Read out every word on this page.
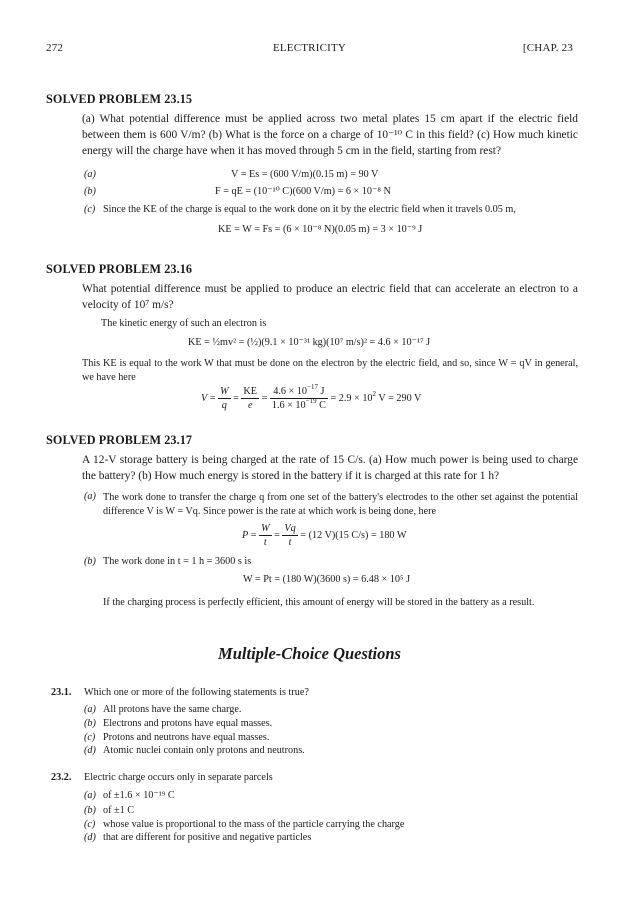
272	ELECTRICITY	[CHAP. 23
SOLVED PROBLEM 23.15
(a) What potential difference must be applied across two metal plates 15 cm apart if the electric field between them is 600 V/m? (b) What is the force on a charge of 10⁻¹⁰ C in this field? (c) How much kinetic energy will the charge have when it has moved through 5 cm in the field, starting from rest?
(a)	V = Es = (600 V/m)(0.15 m) = 90 V
(b)	F = qE = (10⁻¹⁰ C)(600 V/m) = 6 × 10⁻⁸ N
(c) Since the KE of the charge is equal to the work done on it by the electric field when it travels 0.05 m,
KE = W = Fs = (6 × 10⁻⁸ N)(0.05 m) = 3 × 10⁻⁹ J
SOLVED PROBLEM 23.16
What potential difference must be applied to produce an electric field that can accelerate an electron to a velocity of 10⁷ m/s?
The kinetic energy of such an electron is
KE = ½mv² = (½)(9.1 × 10⁻³¹ kg)(10⁷ m/s)² = 4.6 × 10⁻¹⁷ J
This KE is equal to the work W that must be done on the electron by the electric field, and so, since W = qV in general, we have here
$V = \frac{W}{q} = \frac{KE}{e} = \frac{4.6 \times 10^{-17} J}{1.6 \times 10^{-19} C} = 2.9 \times 10^2$ V = 290 V
SOLVED PROBLEM 23.17
A 12-V storage battery is being charged at the rate of 15 C/s. (a) How much power is being used to charge the battery? (b) How much energy is stored in the battery if it is charged at this rate for 1 h?
(a) The work done to transfer the charge q from one set of the battery's electrodes to the other set against the potential difference V is W = Vq. Since power is the rate at which work is being done, here
$P = \frac{W}{t} = \frac{Vq}{t} = (12$ V)(15 C/s) = 180 W
(b) The work done in t = 1 h = 3600 s is
W = Pt = (180 W)(3600 s) = 6.48 × 10⁵ J
If the charging process is perfectly efficient, this amount of energy will be stored in the battery as a result.
Multiple-Choice Questions
23.1. Which one or more of the following statements is true?
(a) All protons have the same charge.
(b) Electrons and protons have equal masses.
(c) Protons and neutrons have equal masses.
(d) Atomic nuclei contain only protons and neutrons.
23.2. Electric charge occurs only in separate parcels
(a) of ±1.6 × 10⁻¹⁹ C
(b) of ±1 C
(c) whose value is proportional to the mass of the particle carrying the charge
(d) that are different for positive and negative particles
